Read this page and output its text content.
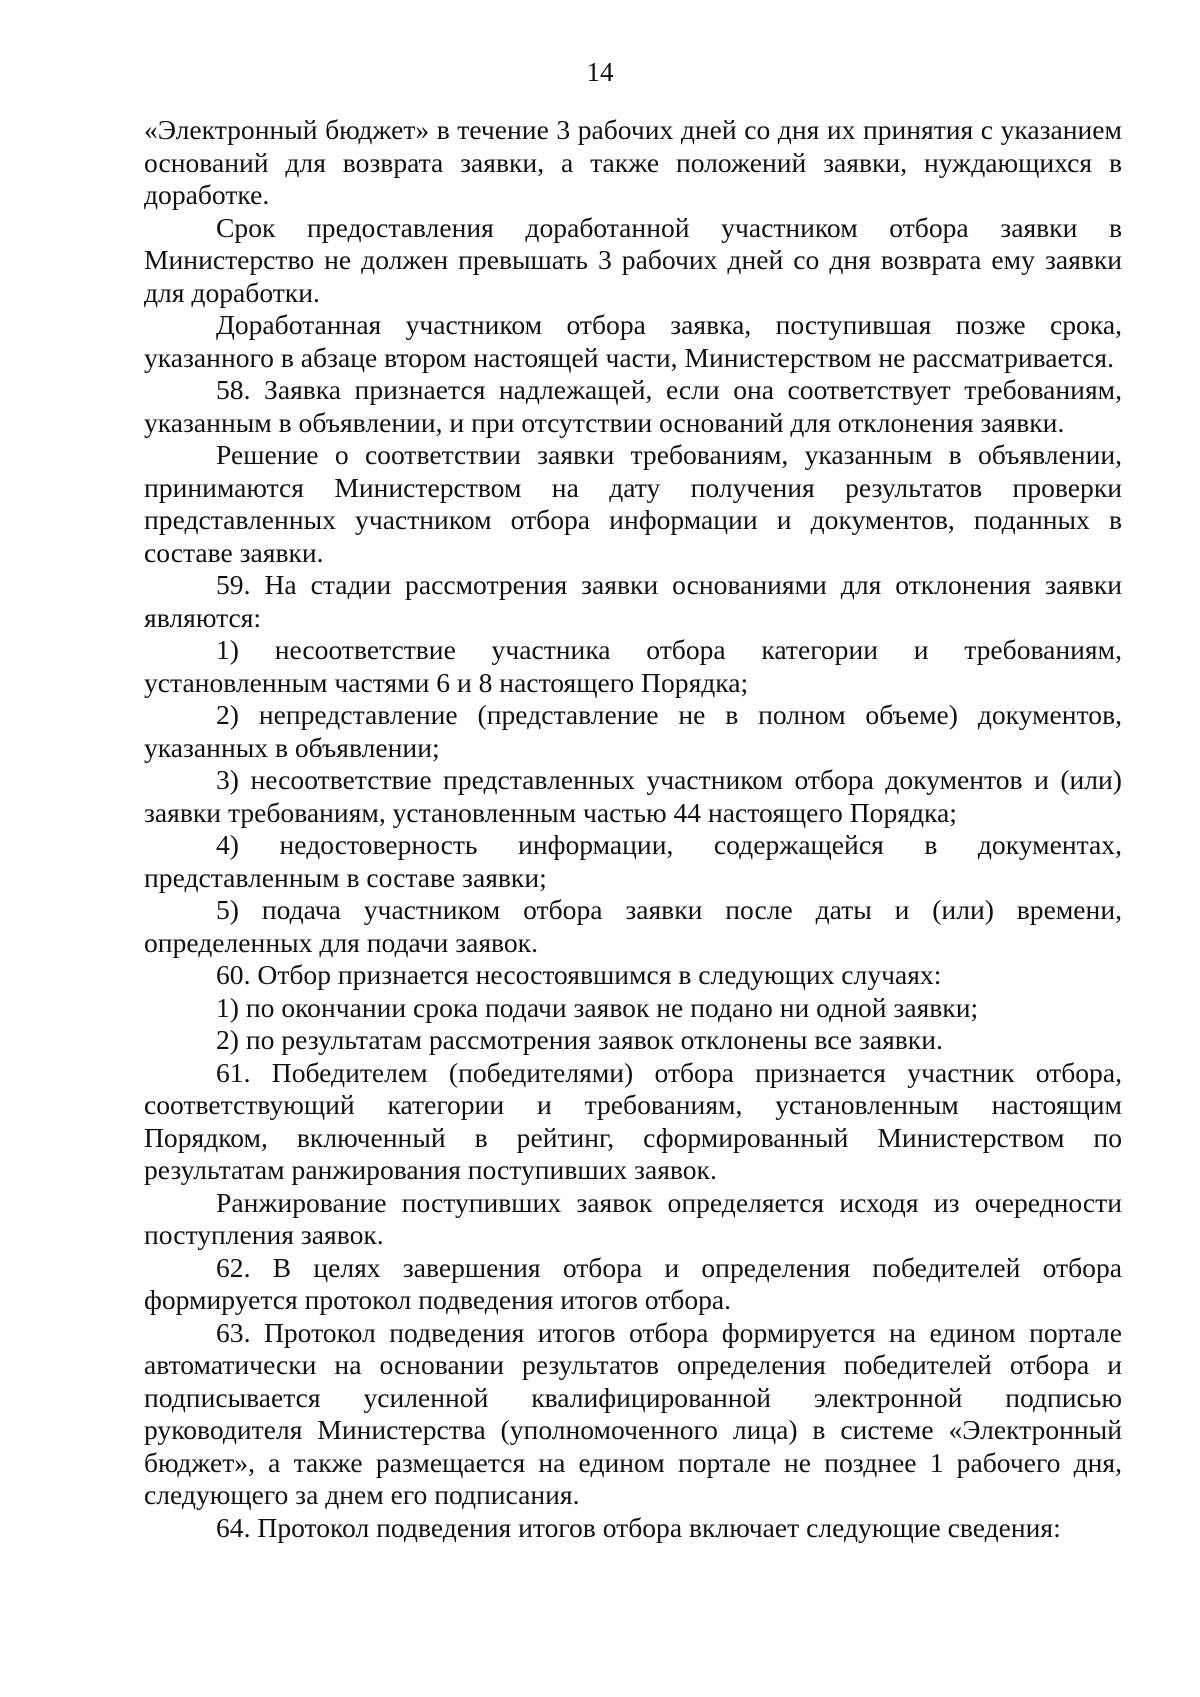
14

«Электронный бюджет» в течение 3 рабочих дней со дня их принятия с указанием оснований для возврата заявки, а также положений заявки, нуждающихся в доработке.

Срок предоставления доработанной участником отбора заявки в Министерство не должен превышать 3 рабочих дней со дня возврата ему заявки для доработки.

Доработанная участником отбора заявка, поступившая позже срока, указанного в абзаце втором настоящей части, Министерством не рассматривается.

58. Заявка признается надлежащей, если она соответствует требованиям, указанным в объявлении, и при отсутствии оснований для отклонения заявки.

Решение о соответствии заявки требованиям, указанным в объявлении, принимаются Министерством на дату получения результатов проверки представленных участником отбора информации и документов, поданных в составе заявки.

59. На стадии рассмотрения заявки основаниями для отклонения заявки являются:

1) несоответствие участника отбора категории и требованиям, установленным частями 6 и 8 настоящего Порядка;

2) непредставление (представление не в полном объеме) документов, указанных в объявлении;

3) несоответствие представленных участником отбора документов и (или) заявки требованиям, установленным частью 44 настоящего Порядка;

4) недостоверность информации, содержащейся в документах, представленным в составе заявки;

5) подача участником отбора заявки после даты и (или) времени, определенных для подачи заявок.

60. Отбор признается несостоявшимся в следующих случаях:

1) по окончании срока подачи заявок не подано ни одной заявки;

2) по результатам рассмотрения заявок отклонены все заявки.

61. Победителем (победителями) отбора признается участник отбора, соответствующий категории и требованиям, установленным настоящим Порядком, включенный в рейтинг, сформированный Министерством по результатам ранжирования поступивших заявок.

Ранжирование поступивших заявок определяется исходя из очередности поступления заявок.

62. В целях завершения отбора и определения победителей отбора формируется протокол подведения итогов отбора.

63. Протокол подведения итогов отбора формируется на едином портале автоматически на основании результатов определения победителей отбора и подписывается усиленной квалифицированной электронной подписью руководителя Министерства (уполномоченного лица) в системе «Электронный бюджет», а также размещается на едином портале не позднее 1 рабочего дня, следующего за днем его подписания.

64. Протокол подведения итогов отбора включает следующие сведения:
